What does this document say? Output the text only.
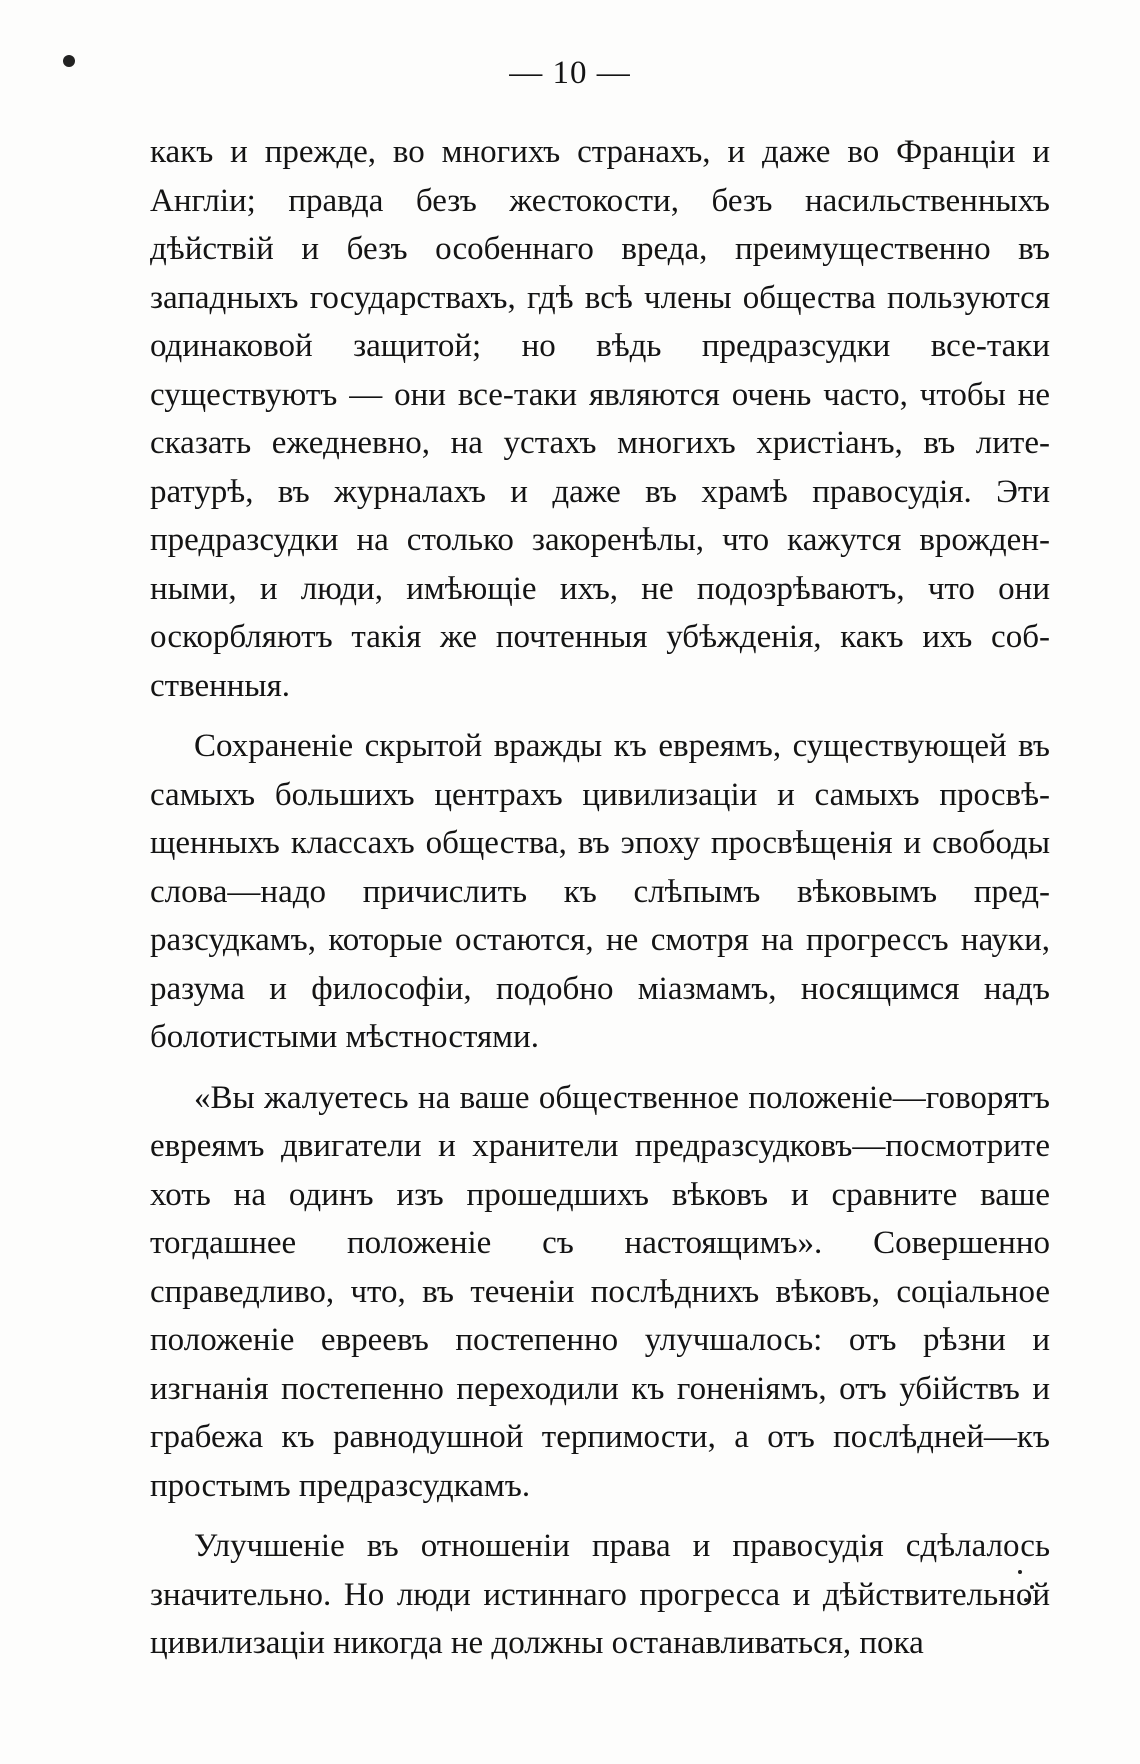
— 10 —

какъ и прежде, во многихъ странахъ, и даже во Франціи и Англіи; правда безъ жестокости, безъ насильственныхъ дѣйствій и безъ особеннаго вреда, преимущественно въ западныхъ государствахъ, гдѣ всѣ члены общества пользуются одинаковой защитой; но вѣдь предразсудки все-таки существуютъ — они все-таки являются очень часто, чтобы не сказать ежедневно, на устахъ многихъ христіанъ, въ литературѣ, въ журналахъ и даже въ храмѣ правосудія. Эти предразсудки на столько закоренѣлы, что кажутся врожденными, и люди, имѣющіе ихъ, не подозрѣваютъ, что они оскорбляютъ такія же почтенныя убѣжденія, какъ ихъ собственныя.

Сохраненіе скрытой вражды къ евреямъ, существующей въ самыхъ большихъ центрахъ цивилизаціи и самыхъ просвѣщенныхъ классахъ общества, въ эпоху просвѣщенія и свободы слова—надо причислить къ слѣпымъ вѣковымъ предразсудкамъ, которые остаются, не смотря на прогрессъ науки, разума и философіи, подобно міазмамъ, носящимся надъ болотистыми мѣстностями.

«Вы жалуетесь на ваше общественное положеніе—говорятъ евреямъ двигатели и хранители предразсудковъ—посмотрите хоть на одинъ изъ прошедшихъ вѣковъ и сравните ваше тогдашнее положеніе съ настоящимъ». Совершенно справедливо, что, въ теченіи послѣднихъ вѣковъ, соціальное положеніе евреевъ постепенно улучшалось: отъ рѣзни и изгнанія постепенно переходили къ гоненіямъ, отъ убійствъ и грабежа къ равнодушной терпимости, а отъ послѣдней—къ простымъ предразсудкамъ.

Улучшеніе въ отношеніи права и правосудія сдѣлалось значительно. Но люди истиннаго прогресса и дѣйствительной цивилизаціи никогда не должны останавливаться, пока
